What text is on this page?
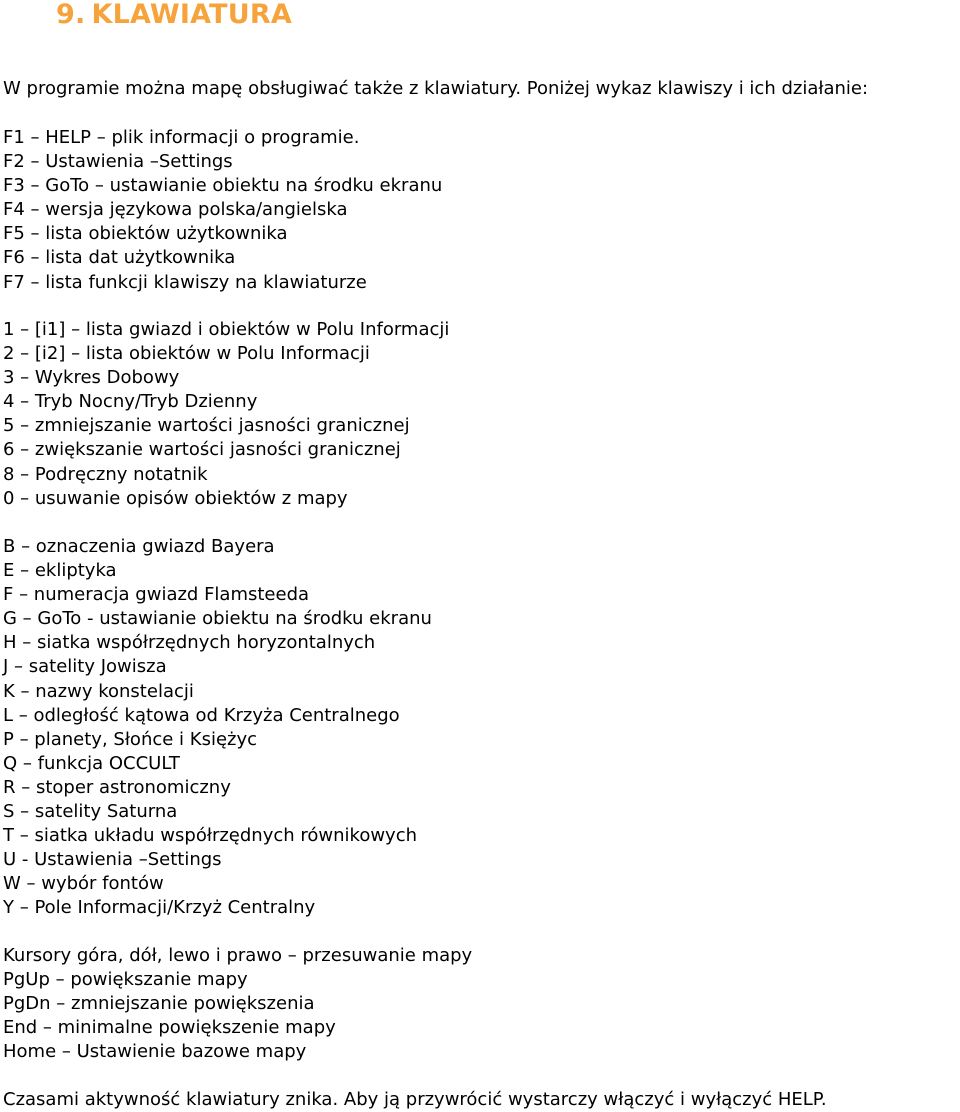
9. KLAWIATURA
W programie można mapę obsługiwać także z klawiatury. Poniżej wykaz klawiszy i ich działanie:
F1 – HELP – plik informacji o programie.
F2 – Ustawienia –Settings
F3 – GoTo – ustawianie obiektu na środku ekranu
F4 – wersja językowa polska/angielska
F5 – lista obiektów użytkownika
F6 – lista dat użytkownika
F7 – lista funkcji klawiszy na klawiaturze
1 – [i1] – lista gwiazd i obiektów w Polu Informacji
2 – [i2] – lista obiektów w Polu Informacji
3 – Wykres Dobowy
4 – Tryb Nocny/Tryb Dzienny
5 – zmniejszanie wartości jasności granicznej
6 – zwiększanie wartości jasności granicznej
8 – Podręczny notatnik
0 – usuwanie opisów obiektów z mapy
B – oznaczenia gwiazd Bayera
E – ekliptyka
F – numeracja gwiazd Flamsteeda
G – GoTo - ustawianie obiektu na środku ekranu
H – siatka współrzędnych horyzontalnych
J – satelity Jowisza
K – nazwy konstelacji
L – odległość kątowa od Krzyża Centralnego
P – planety, Słońce i Księżyc
Q – funkcja OCCULT
R – stoper astronomiczny
S – satelity Saturna
T – siatka układu współrzędnych równikowych
U - Ustawienia –Settings
W – wybór fontów
Y – Pole Informacji/Krzyż Centralny
Kursory góra, dół, lewo i prawo – przesuwanie mapy
PgUp – powiększanie mapy
PgDn – zmniejszanie powiększenia
End – minimalne powiększenie mapy
Home – Ustawienie bazowe mapy
Czasami aktywność klawiatury znika. Aby ją przywrócić wystarczy włączyć i wyłączyć HELP.
